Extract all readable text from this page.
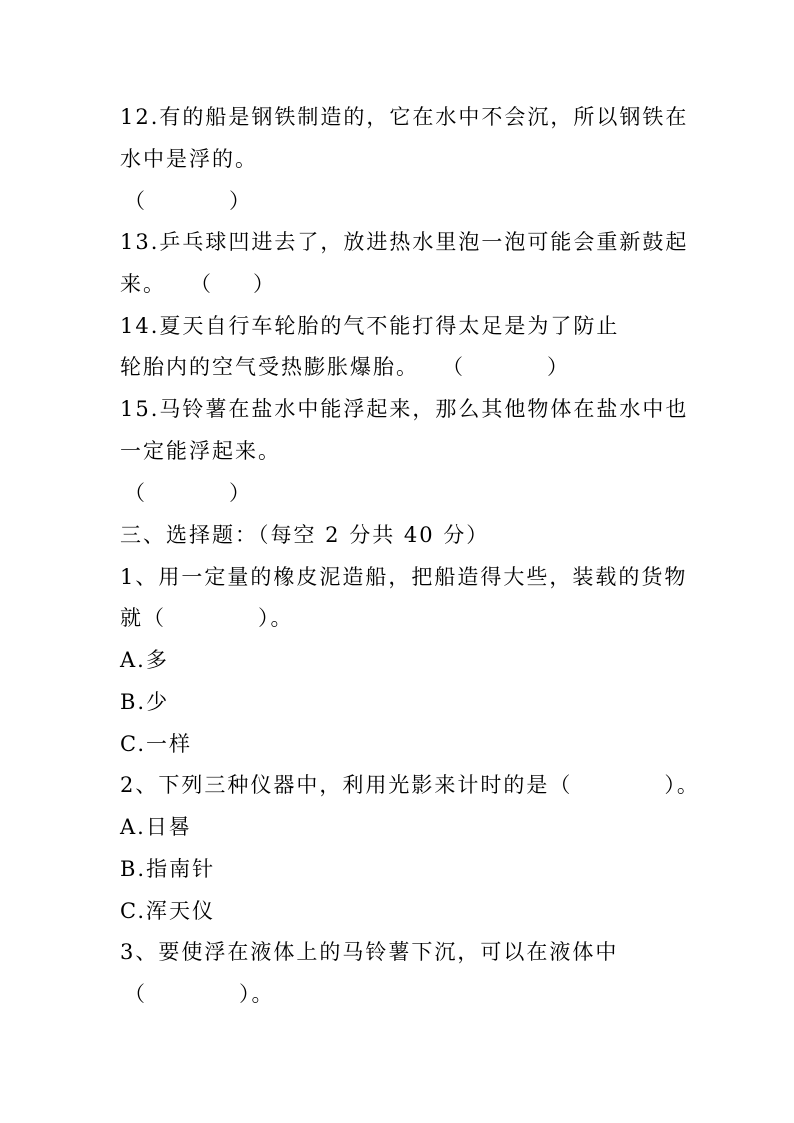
12.有的船是钢铁制造的，它在水中不会沉，所以钢铁在
水中是浮的。
（　　　　）
13.乒乓球凹进去了，放进热水里泡一泡可能会重新鼓起
来。 （　　）
14.夏天自行车轮胎的气不能打得太足是为了防止
轮胎内的空气受热膨胀爆胎。 （　　　　）
15.马铃薯在盐水中能浮起来，那么其他物体在盐水中也
一定能浮起来。
（　　　　）
三、选择题：（每空 2 分共 40 分）
1、用一定量的橡皮泥造船，把船造得大些，装载的货物
就（　　　　）。
A.多
B.少
C.一样
2、下列三种仪器中，利用光影来计时的是（　　　　）。
A.日晷
B.指南针
C.浑天仪
3、要使浮在液体上的马铃薯下沉，可以在液体中
（　　　　）。
